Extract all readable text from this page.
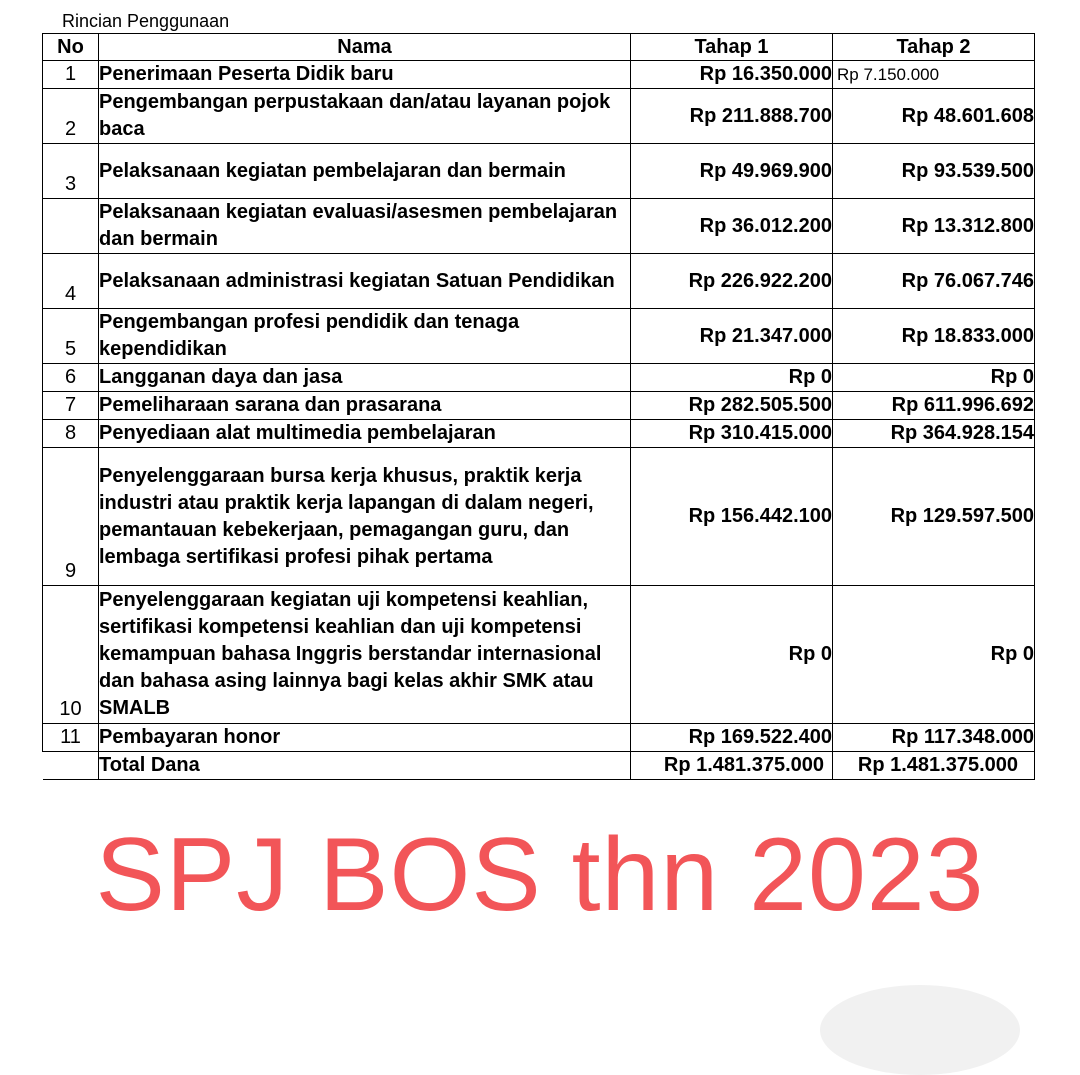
Rincian Penggunaan
No	Nama	Tahap 1	Tahap 2
1	Penerimaan Peserta Didik baru	Rp 16.350.000	Rp 7.150.000
2	Pengembangan perpustakaan dan/atau layanan pojok baca	Rp 211.888.700	Rp 48.601.608
3	Pelaksanaan kegiatan pembelajaran dan bermain	Rp 49.969.900	Rp 93.539.500
	Pelaksanaan kegiatan evaluasi/asesmen pembelajaran dan bermain	Rp 36.012.200	Rp 13.312.800
4	Pelaksanaan administrasi kegiatan Satuan Pendidikan	Rp 226.922.200	Rp 76.067.746
5	Pengembangan profesi pendidik dan tenaga kependidikan	Rp 21.347.000	Rp 18.833.000
6	Langganan daya dan jasa	Rp 0	Rp 0
7	Pemeliharaan sarana dan prasarana	Rp 282.505.500	Rp 611.996.692
8	Penyediaan alat multimedia pembelajaran	Rp 310.415.000	Rp 364.928.154
9	Penyelenggaraan bursa kerja khusus, praktik kerja industri atau praktik kerja lapangan di dalam negeri, pemantauan kebekerjaan, pemagangan guru, dan lembaga sertifikasi profesi pihak pertama	Rp 156.442.100	Rp 129.597.500
10	Penyelenggaraan kegiatan uji kompetensi keahlian, sertifikasi kompetensi keahlian dan uji kompetensi kemampuan bahasa Inggris berstandar internasional dan bahasa asing lainnya bagi kelas akhir SMK atau SMALB	Rp 0	Rp 0
11	Pembayaran honor	Rp 169.522.400	Rp 117.348.000
	Total Dana	Rp 1.481.375.000	Rp 1.481.375.000
SPJ BOS thn 2023
